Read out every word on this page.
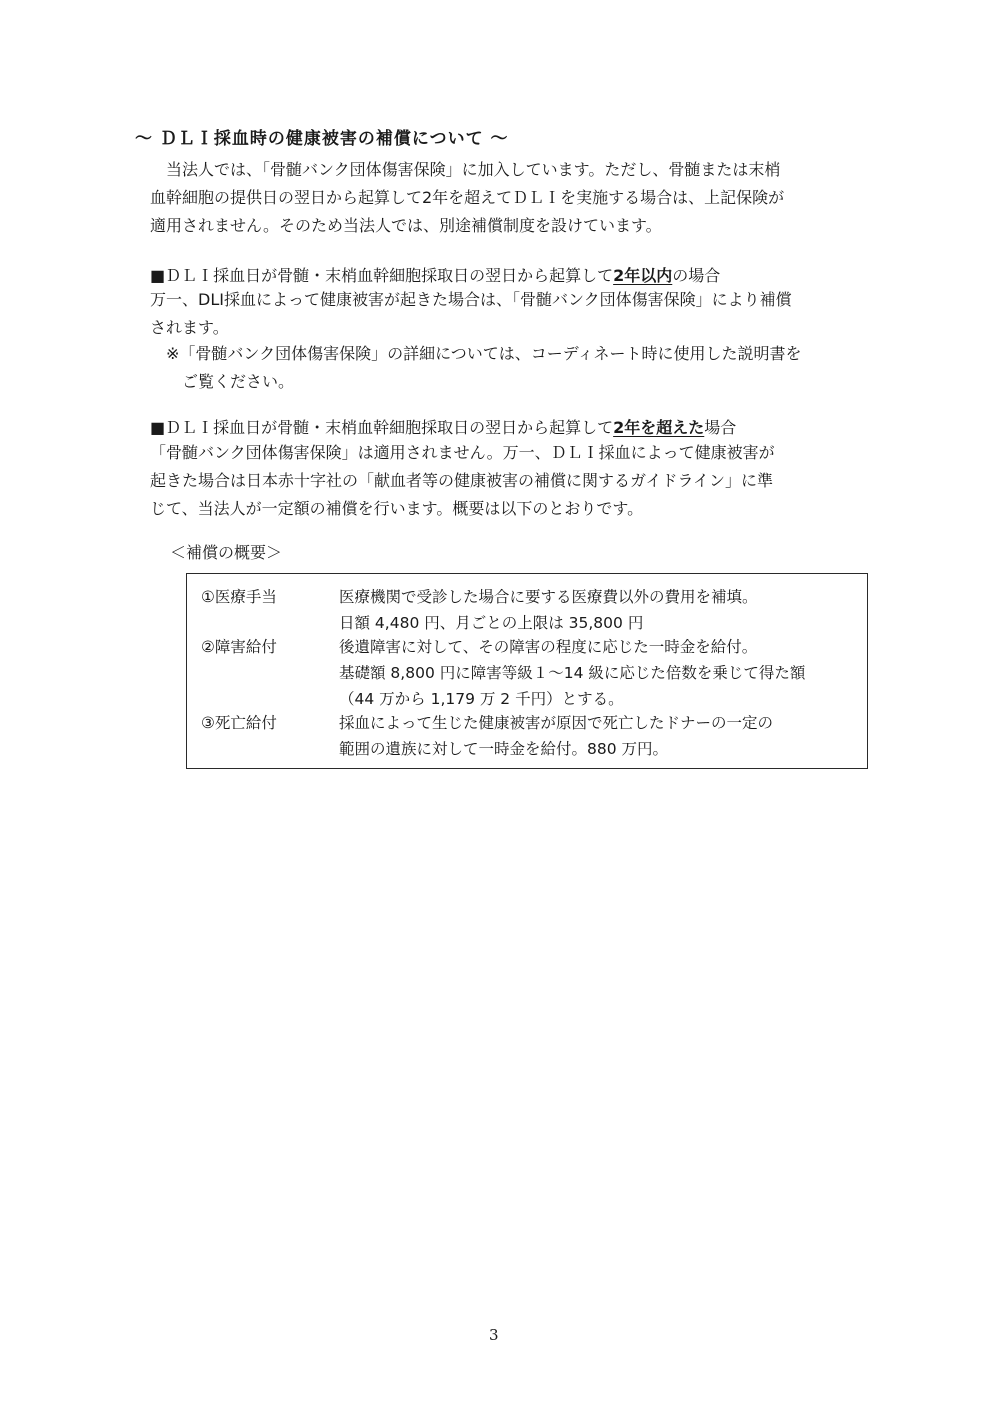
～ ＤＬＩ採血時の健康被害の補償について ～
当法人では、「骨髄バンク団体傷害保険」に加入しています。ただし、骨髄または末梢
血幹細胞の提供日の翌日から起算して2年を超えてＤＬＩを実施する場合は、上記保険が
適用されません。そのため当法人では、別途補償制度を設けています。
■ＤＬＩ採血日が骨髄・末梢血幹細胞採取日の翌日から起算して2年以内の場合
万一、DLI採血によって健康被害が起きた場合は、「骨髄バンク団体傷害保険」により補償
されます。
※「骨髄バンク団体傷害保険」の詳細については、コーディネート時に使用した説明書を
　ご覧ください。
■ＤＬＩ採血日が骨髄・末梢血幹細胞採取日の翌日から起算して2年を超えた場合
「骨髄バンク団体傷害保険」は適用されません。万一、ＤＬＩ採血によって健康被害が
起きた場合は日本赤十字社の「献血者等の健康被害の補償に関するガイドライン」に準
じて、当法人が一定額の補償を行います。概要は以下のとおりです。
＜補償の概要＞
①医療手当	医療機関で受診した場合に要する医療費以外の費用を補填。
日額 4,480 円、月ごとの上限は 35,800 円
②障害給付	後遺障害に対して、その障害の程度に応じた一時金を給付。
基礎額 8,800 円に障害等級１～14 級に応じた倍数を乗じて得た額
（44 万から 1,179 万 2 千円）とする。
③死亡給付	採血によって生じた健康被害が原因で死亡したドナーの一定の
範囲の遺族に対して一時金を給付。880 万円。
3
